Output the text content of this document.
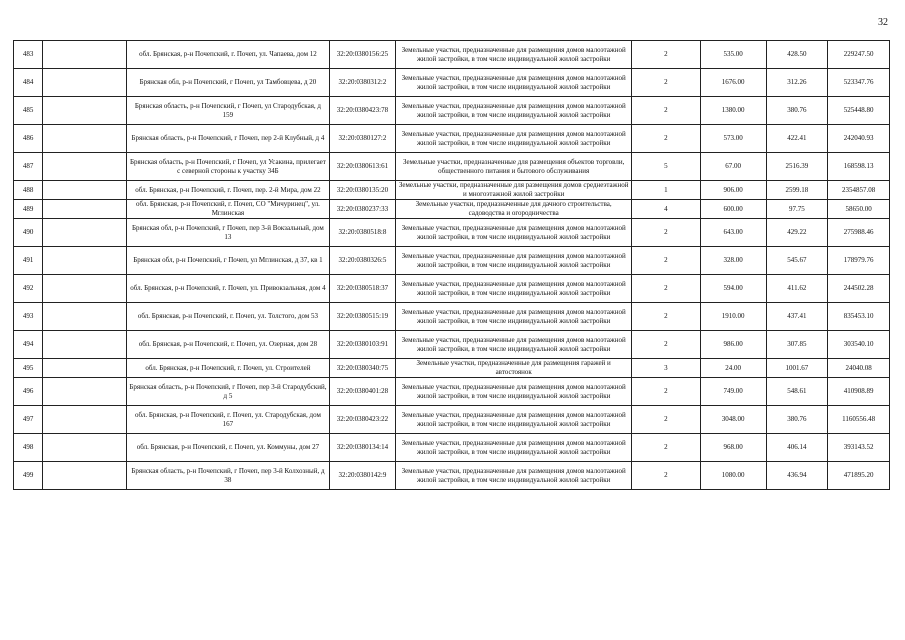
32
483		обл. Брянская, р-н Почепский, г. Почеп, ул. Чапаева, дом 12	32:20:0380156:25	Земельные участки, предназначенные для размещения домов малоэтажной жилой застройки, в том числе индивидуальной жилой застройки	2	535.00	428.50	229247.50
484		Брянская обл, р-н Почепский, г Почеп, ул Тамбовцева, д 20	32:20:0380312:2	Земельные участки, предназначенные для размещения домов малоэтажной жилой застройки, в том числе индивидуальной жилой застройки	2	1676.00	312.26	523347.76
485		Брянская область, р-н Почепский, г Почеп, ул Стародубская, д 159	32:20:0380423:78	Земельные участки, предназначенные для размещения домов малоэтажной жилой застройки, в том числе индивидуальной жилой застройки	2	1380.00	380.76	525448.80
486		Брянская область, р-н Почепский, г Почеп, пер 2-й Клубный, д 4	32:20:0380127:2	Земельные участки, предназначенные для размещения домов малоэтажной жилой застройки, в том числе индивидуальной жилой застройки	2	573.00	422.41	242040.93
487		Брянская область, р-н Почепский, г Почеп, ул Усакина, прилегает с северной стороны к участку 34Б	32:20:0380613:61	Земельные участки, предназначенные для размещения объектов торговли, общественного питания и бытового обслуживания	5	67.00	2516.39	168598.13
488		обл. Брянская, р-н Почепский, г. Почеп, пер. 2-й Мира, дом 22	32:20:0380135:20	Земельные участки, предназначенные для размещения домов среднеэтажной и многоэтажной жилой застройки	1	906.00	2599.18	2354857.08
489		обл. Брянская, р-н Почепский, г. Почеп, СО "Мичуринец", ул. Мглинская	32:20:0380237:33	Земельные участки, предназначенные для дачного строительства, садоводства и огородничества	4	600.00	97.75	58650.00
490		Брянская обл, р-н Почепский, г Почеп, пер 3-й Вокзальный, дом 13	32:20:0380518:8	Земельные участки, предназначенные для размещения домов малоэтажной жилой застройки, в том числе индивидуальной жилой застройки	2	643.00	429.22	275988.46
491		Брянская обл, р-н Почепский, г Почеп, ул Мглинская, д 37, кв 1	32:20:0380326:5	Земельные участки, предназначенные для размещения домов малоэтажной жилой застройки, в том числе индивидуальной жилой застройки	2	328.00	545.67	178979.76
492		обл. Брянская, р-н Почепский, г. Почеп, ул. Привокзальная, дом 4	32:20:0380518:37	Земельные участки, предназначенные для размещения домов малоэтажной жилой застройки, в том числе индивидуальной жилой застройки	2	594.00	411.62	244502.28
493		обл. Брянская, р-н Почепский, г. Почеп, ул. Толстого, дом 53	32:20:0380515:19	Земельные участки, предназначенные для размещения домов малоэтажной жилой застройки, в том числе индивидуальной жилой застройки	2	1910.00	437.41	835453.10
494		обл. Брянская, р-н Почепский, г. Почеп, ул. Озерная, дом 28	32:20:0380103:91	Земельные участки, предназначенные для размещения домов малоэтажной жилой застройки, в том числе индивидуальной жилой застройки	2	986.00	307.85	303540.10
495		обл. Брянская, р-н Почепский, г. Почеп, ул. Строителей	32:20:0380340:75	Земельные участки, предназначенные для размещения гаражей и автостоянок	3	24.00	1001.67	24040.08
496		Брянская область, р-н Почепский, г Почеп, пер 3-й Стародубский, д 5	32:20:0380401:28	Земельные участки, предназначенные для размещения домов малоэтажной жилой застройки, в том числе индивидуальной жилой застройки	2	749.00	548.61	410908.89
497		обл. Брянская, р-н Почепский, г. Почеп, ул. Стародубская, дом 167	32:20:0380423:22	Земельные участки, предназначенные для размещения домов малоэтажной жилой застройки, в том числе индивидуальной жилой застройки	2	3048.00	380.76	1160556.48
498		обл. Брянская, р-н Почепский, г. Почеп, ул. Коммуны, дом 27	32:20:0380134:14	Земельные участки, предназначенные для размещения домов малоэтажной жилой застройки, в том числе индивидуальной жилой застройки	2	968.00	406.14	393143.52
499		Брянская область, р-н Почепский, г Почеп, пер 3-й Колхозный, д 38	32:20:0380142:9	Земельные участки, предназначенные для размещения домов малоэтажной жилой застройки, в том числе индивидуальной жилой застройки	2	1080.00	436.94	471895.20
